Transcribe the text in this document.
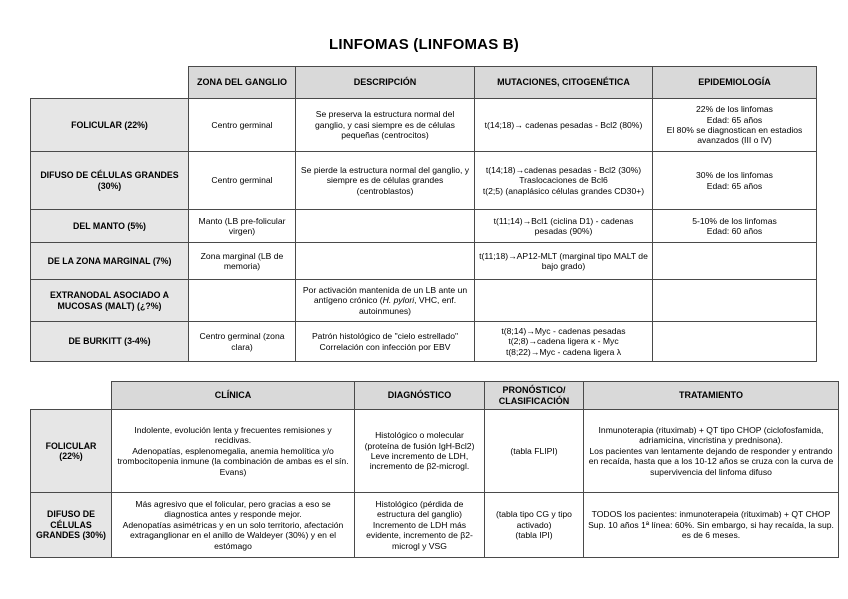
LINFOMAS (LINFOMAS B)
	ZONA DEL GANGLIO	DESCRIPCIÓN	MUTACIONES, CITOGENÉTICA	EPIDEMIOLOGÍA
FOLICULAR (22%)	Centro germinal	Se preserva la estructura normal del ganglio, y casi siempre es de células pequeñas (centrocitos)	t(14;18)→ cadenas pesadas - Bcl2 (80%)	22% de los linfomas
Edad: 65 años
El 80% se diagnostican en estadios avanzados (III o IV)
DIFUSO DE CÉLULAS GRANDES (30%)	Centro germinal	Se pierde la estructura normal del ganglio, y siempre es de células grandes (centroblastos)	t(14;18)→cadenas pesadas - Bcl2 (30%)
Traslocaciones de Bcl6
t(2;5) (anaplásico células grandes CD30+)	30% de los linfomas
Edad: 65 años
DEL MANTO (5%)	Manto (LB pre-folicular virgen)		t(11;14)→Bcl1 (ciclina D1) - cadenas pesadas (90%)	5-10% de los linfomas
Edad: 60 años
DE LA ZONA MARGINAL (7%)	Zona marginal (LB de memoria)		t(11;18)→AP12-MLT (marginal tipo MALT de bajo grado)	
EXTRANODAL ASOCIADO A MUCOSAS (MALT) (¿?%)		Por activación mantenida de un LB ante un antígeno crónico (H. pylori, VHC, enf. autoinmunes)		
DE BURKITT (3-4%)	Centro germinal (zona clara)	Patrón histológico de "cielo estrellado"
Correlación con infección por EBV	t(8;14)→Myc - cadenas pesadas
t(2;8)→cadena ligera κ - Myc
t(8;22)→Myc - cadena ligera λ	
	CLÍNICA	DIAGNÓSTICO	PRONÓSTICO/ CLASIFICACIÓN	TRATAMIENTO
FOLICULAR (22%)	Indolente, evolución lenta y frecuentes remisiones y recidivas.
Adenopatías, esplenomegalia, anemia hemolítica y/o trombocitopenia inmune (la combinación de ambas es el sín. Evans)	Histológico o molecular (proteína de fusión IgH-Bcl2)
Leve incremento de LDH, incremento de β2-microgl.	(tabla FLIPI)	Inmunoterapia (rituximab) + QT tipo CHOP (ciclofosfamida, adriamicina, vincristina y prednisona).
Los pacientes van lentamente dejando de responder y entrando en recaída, hasta que a los 10-12 años se cruza con la curva de supervivencia del linfoma difuso
DIFUSO DE CÉLULAS GRANDES (30%)	Más agresivo que el folicular, pero gracias a eso se diagnostica antes y responde mejor.
Adenopatías asimétricas y en un solo territorio, afectación extraganglionar en el anillo de Waldeyer (30%) y en el estómago	Histológico (pérdida de estructura del ganglio)
Incremento de LDH más evidente, incremento de β2-microgl y VSG	(tabla tipo CG y tipo activado)
(tabla IPI)	TODOS los pacientes: inmunoterapeia (rituximab) + QT CHOP
Sup. 10 años 1ª línea: 60%. Sin embargo, si hay recaída, la sup. es de 6 meses.
